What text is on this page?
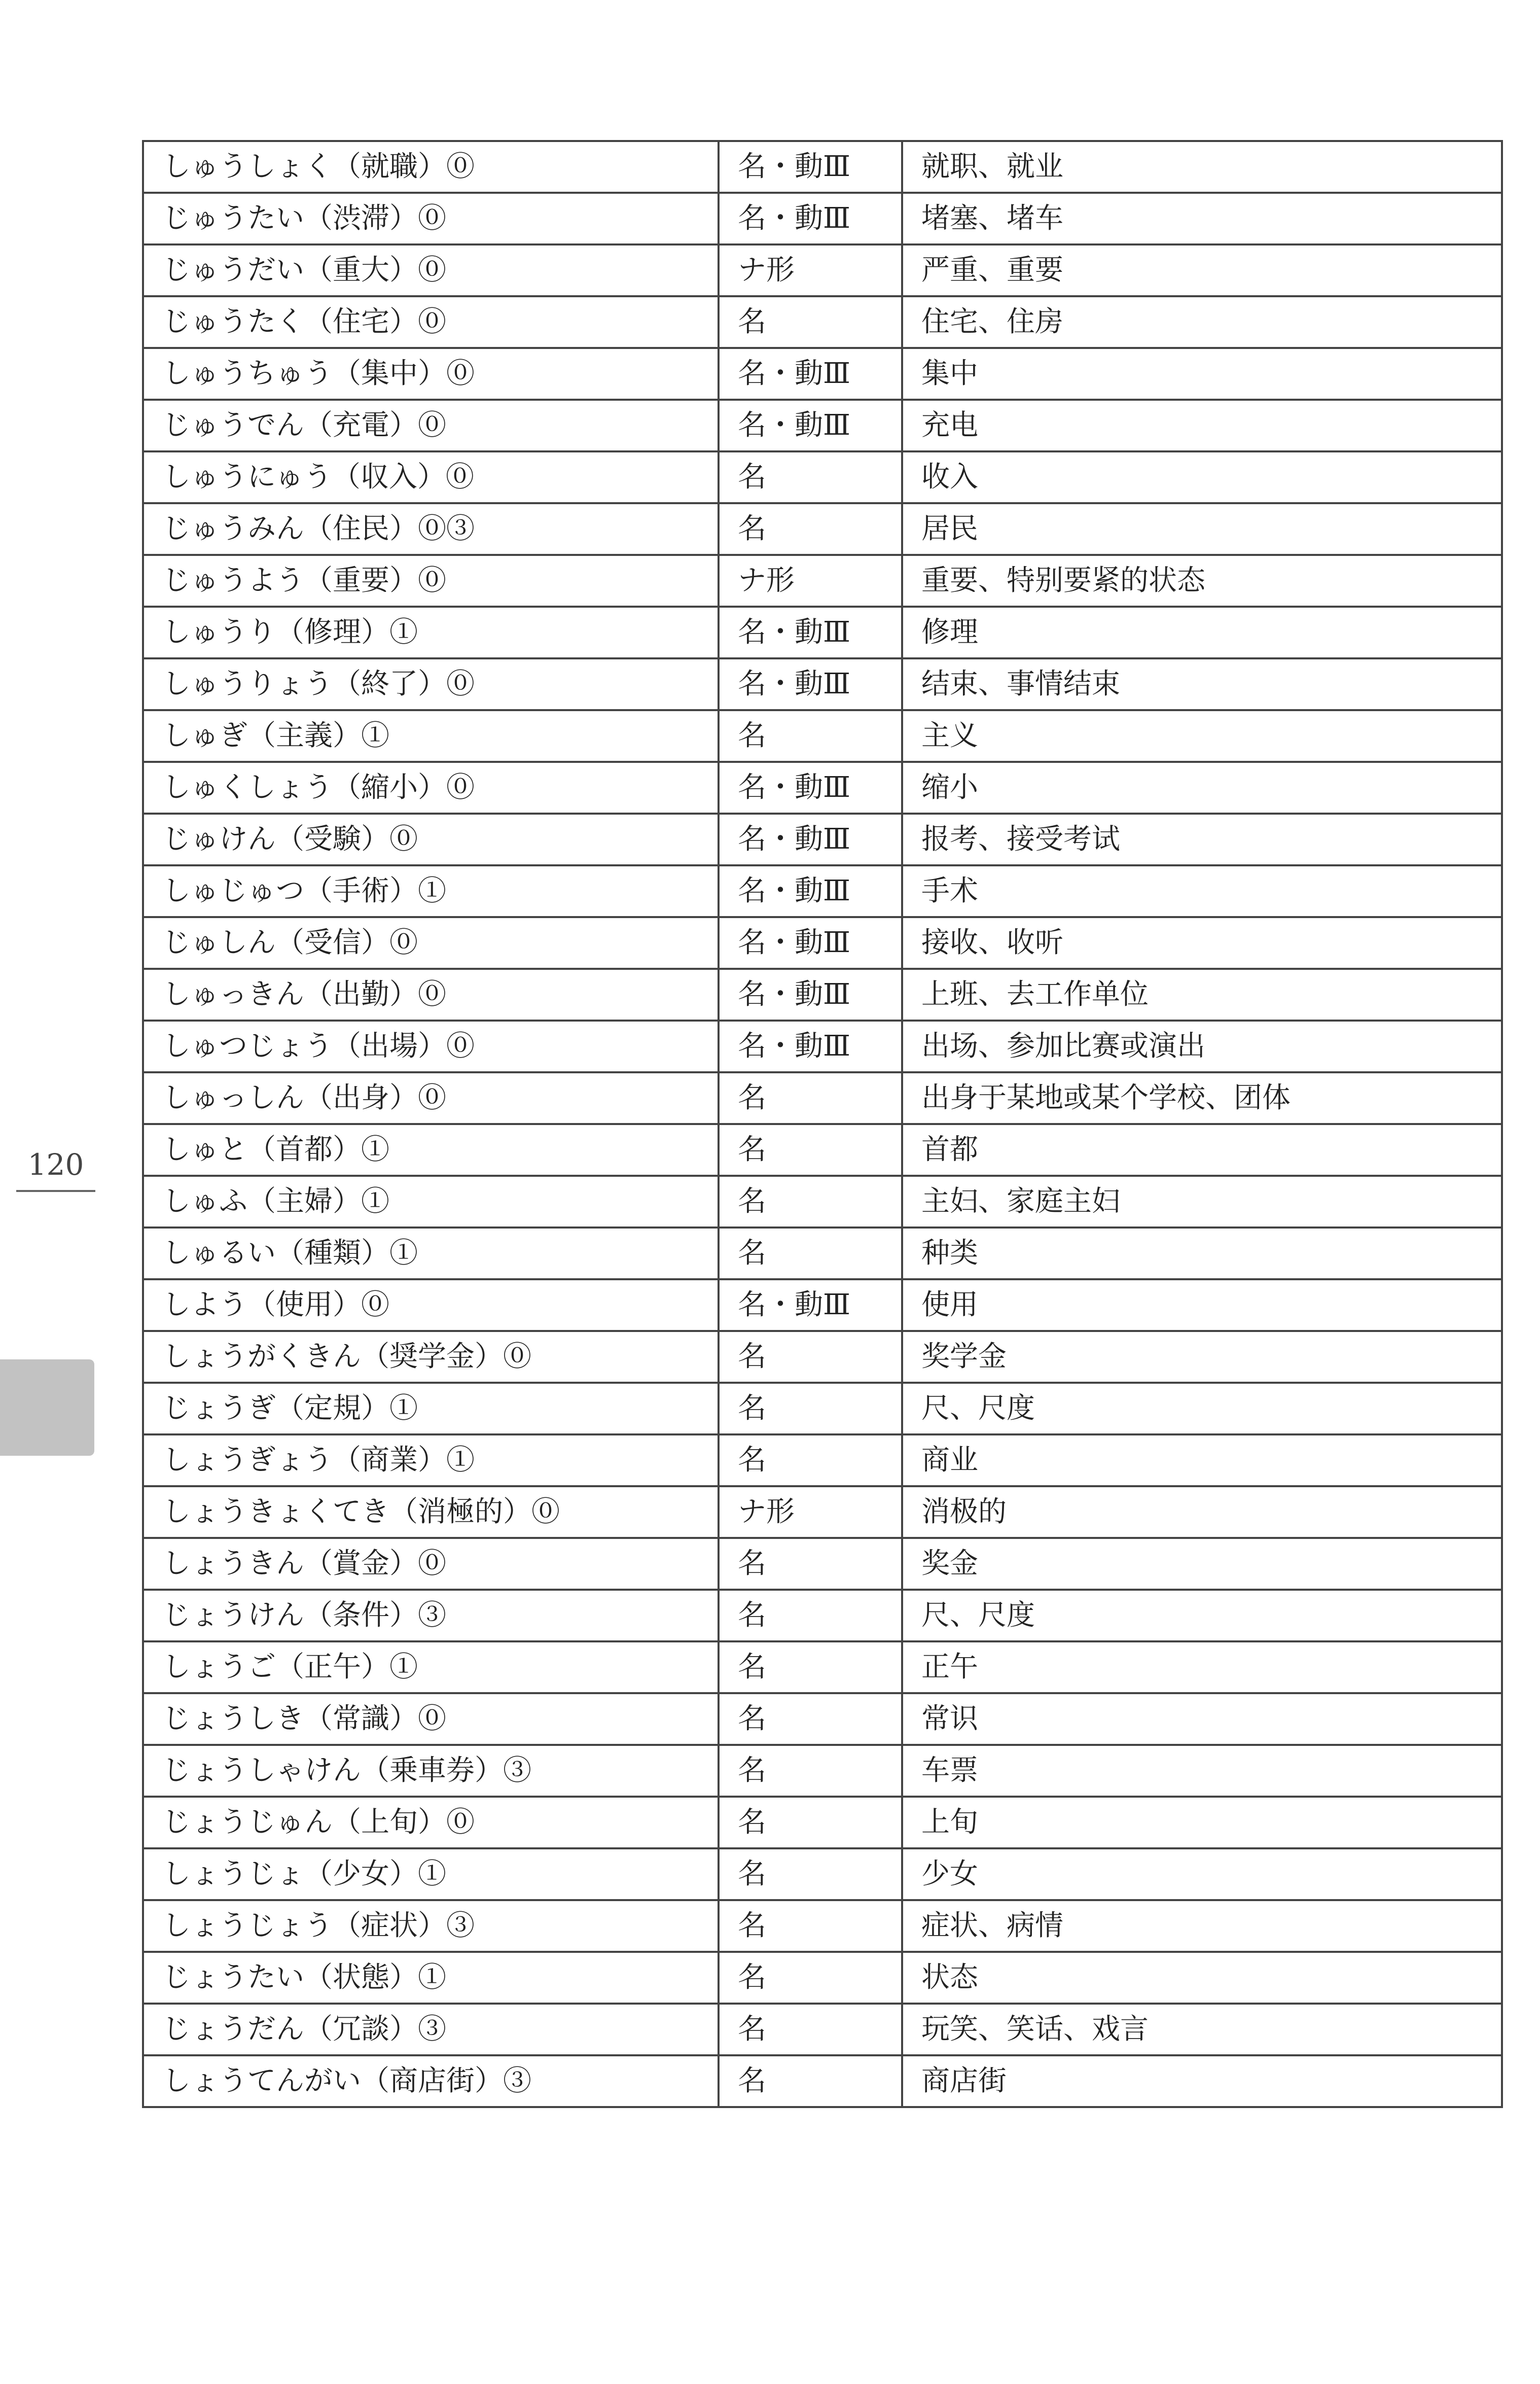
しゅうしょく（就職）⓪	名・動Ⅲ	就职、就业
じゅうたい（渋滞）⓪	名・動Ⅲ	堵塞、堵车
じゅうだい（重大）⓪	ナ形	严重、重要
じゅうたく（住宅）⓪	名	住宅、住房
しゅうちゅう（集中）⓪	名・動Ⅲ	集中
じゅうでん（充電）⓪	名・動Ⅲ	充电
しゅうにゅう（収入）⓪	名	收入
じゅうみん（住民）⓪③	名	居民
じゅうよう（重要）⓪	ナ形	重要、特别要紧的状态
しゅうり（修理）①	名・動Ⅲ	修理
しゅうりょう（終了）⓪	名・動Ⅲ	结束、事情结束
しゅぎ（主義）①	名	主义
しゅくしょう（縮小）⓪	名・動Ⅲ	缩小
じゅけん（受験）⓪	名・動Ⅲ	报考、接受考试
しゅじゅつ（手術）①	名・動Ⅲ	手术
じゅしん（受信）⓪	名・動Ⅲ	接收、收听
しゅっきん（出勤）⓪	名・動Ⅲ	上班、去工作单位
しゅつじょう（出場）⓪	名・動Ⅲ	出场、参加比赛或演出
しゅっしん（出身）⓪	名	出身于某地或某个学校、团体
しゅと（首都）①	名	首都
しゅふ（主婦）①	名	主妇、家庭主妇
しゅるい（種類）①	名	种类
しよう（使用）⓪	名・動Ⅲ	使用
しょうがくきん（奨学金）⓪	名	奖学金
じょうぎ（定規）①	名	尺、尺度
しょうぎょう（商業）①	名	商业
しょうきょくてき（消極的）⓪	ナ形	消极的
しょうきん（賞金）⓪	名	奖金
じょうけん（条件）③	名	尺、尺度
しょうご（正午）①	名	正午
じょうしき（常識）⓪	名	常识
じょうしゃけん（乗車券）③	名	车票
じょうじゅん（上旬）⓪	名	上旬
しょうじょ（少女）①	名	少女
しょうじょう（症状）③	名	症状、病情
じょうたい（状態）①	名	状态
じょうだん（冗談）③	名	玩笑、笑话、戏言
しょうてんがい（商店街）③	名	商店街
120
